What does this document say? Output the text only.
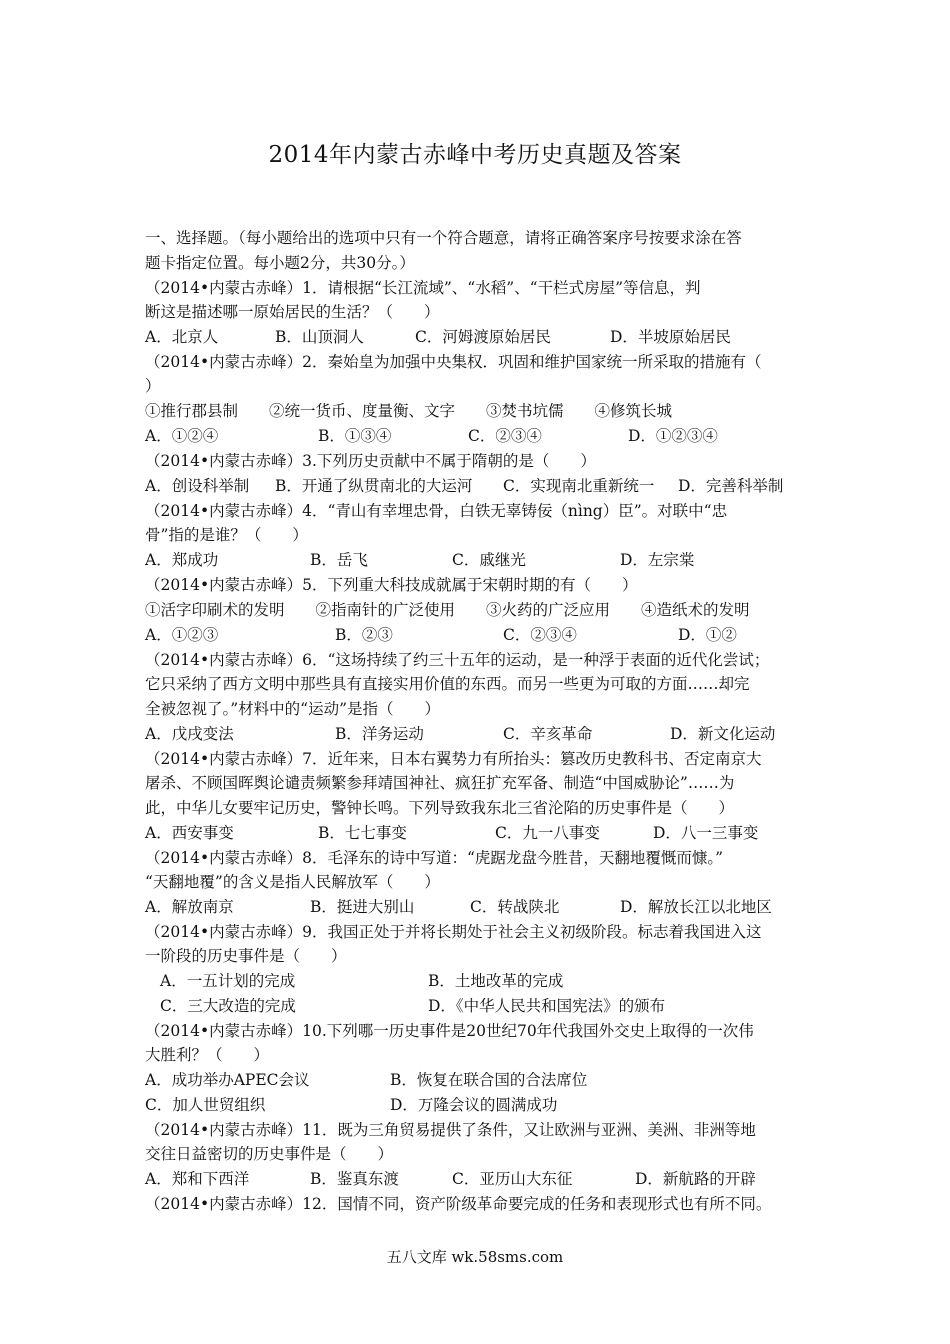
2014年内蒙古赤峰中考历史真题及答案
一、选择题。（每小题给出的选项中只有一个符合题意，请将正确答案序号按要求涂在答
题卡指定位置。每小题2分，共30分。）
（2014•内蒙古赤峰）1．请根据“长江流域”、“水稻”、“干栏式房屋”等信息，判
断这是描述哪一原始居民的生活？（　　）
A．北京人	B．山顶洞人	C．河姆渡原始居民	D．半坡原始居民
（2014•内蒙古赤峰）2．秦始皇为加强中央集权．巩固和维护国家统一所采取的措施有（
）
①推行郡县制　　②统一货币、度量衡、文字　　③焚书坑儒　　④修筑长城
A．①②④	B．①③④	C．②③④	D．①②③④
（2014•内蒙古赤峰）3.下列历史贡献中不属于隋朝的是（　　）
A．创设科举制 B．开通了纵贯南北的大运河 C．实现南北重新统一 D．完善科举制
（2014•内蒙古赤峰）4．“青山有幸埋忠骨，白铁无辜铸佞（nìng）臣”。对联中“忠
骨”指的是谁？（　　）
A．郑成功	B．岳飞	C．戚继光	D．左宗棠
（2014•内蒙古赤峰）5．下列重大科技成就属于宋朝时期的有（　　）
①活字印刷术的发明　　②指南针的广泛使用　　③火药的广泛应用　　④造纸术的发明
A．①②③	B．②③	C．②③④	D．①②
（2014•内蒙古赤峰）6．“这场持续了约三十五年的运动，是一种浮于表面的近代化尝试；
它只采纳了西方文明中那些具有直接实用价值的东西。而另一些更为可取的方面……却完
全被忽视了。”材料中的“运动”是指（　　）
A．戊戌变法	B．洋务运动	C．辛亥革命	D．新文化运动
（2014•内蒙古赤峰）7．近年来，日本右翼势力有所抬头：篡改历史教科书、否定南京大
屠杀、不顾国晖舆论谴责频繁参拜靖国神社、疯狂扩充军备、制造“中国威胁论”……为
此，中华儿女要牢记历史，警钟长鸣。下列导致我东北三省沦陷的历史事件是（　　）
A．西安事变	B．七七事变	C．九一八事变	D．八一三事变
（2014•内蒙古赤峰）8．毛泽东的诗中写道：“虎踞龙盘今胜昔，天翻地覆慨而慷。”
“天翻地覆”的含义是指人民解放军（　　）
A．解放南京	B．挺进大别山	C．转战陕北	D．解放长江以北地区
（2014•内蒙古赤峰）9．我国正处于并将长期处于社会主义初级阶段。标志着我国进入这
一阶段的历史事件是（　　）
A．一五计划的完成	B．土地改革的完成
C．三大改造的完成	D．《中华人民共和国宪法》的颁布
（2014•内蒙古赤峰）10.下列哪一历史事件是20世纪70年代我国外交史上取得的一次伟
大胜利？（　　）
A．成功举办APEC会议	B．恢复在联合国的合法席位
C．加人世贸组织	D．万隆会议的圆满成功
（2014•内蒙古赤峰）11．既为三角贸易提供了条件，又让欧洲与亚洲、美洲、非洲等地
交往日益密切的历史事件是（　　）
A．郑和下西洋	B．鉴真东渡	C．亚历山大东征	D．新航路的开辟
（2014•内蒙古赤峰）12．国情不同，资产阶级革命要完成的任务和表现形式也有所不同。
五八文库 wk.58sms.com
